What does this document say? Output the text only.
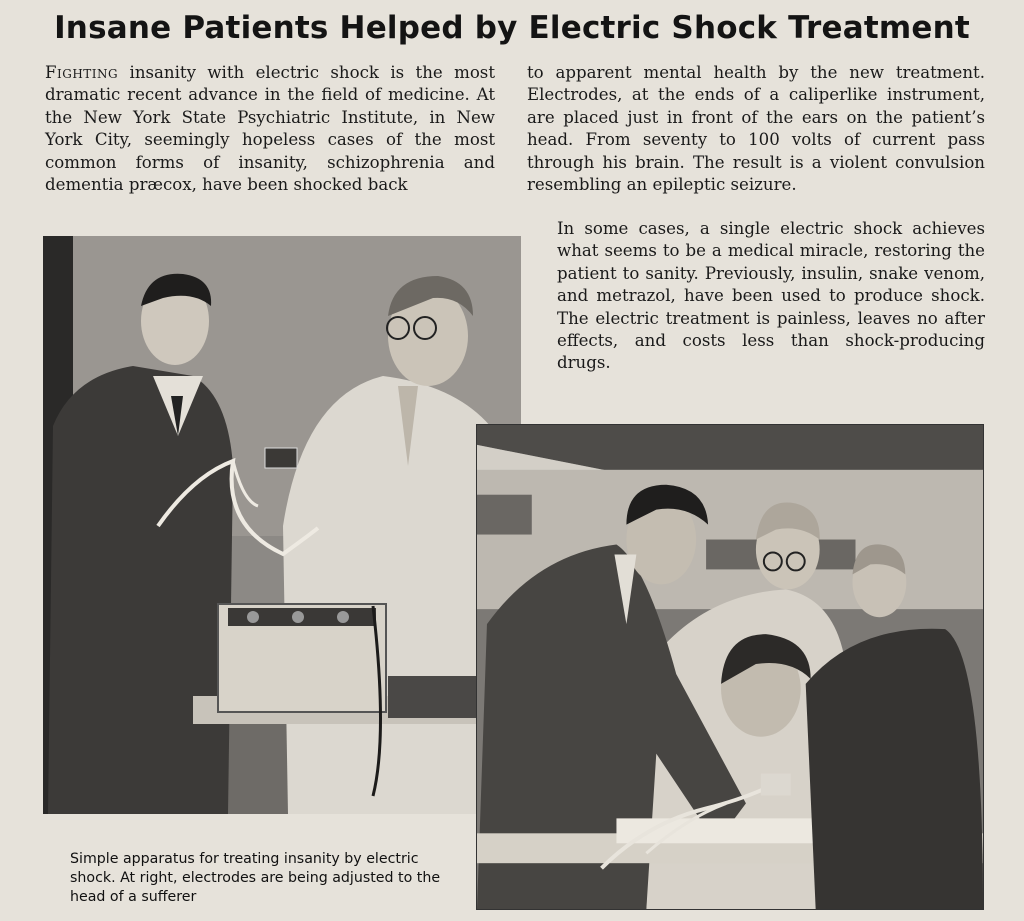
Insane Patients Helped by Electric Shock Treatment

Fighting insanity with electric shock is the most dramatic recent advance in the field of medicine. At the New York State Psychiatric Institute, in New York City, seemingly hopeless cases of the most common forms of insanity, schizophrenia and dementia præcox, have been shocked back

to apparent mental health by the new treatment. Electrodes, at the ends of a caliperlike instrument, are placed just in front of the ears on the patient’s head. From seventy to 100 volts of current pass through his brain. The result is a violent convulsion resembling an epileptic seizure.

In some cases, a single electric shock achieves what seems to be a medical miracle, restoring the patient to sanity. Previously, insulin, snake venom, and metrazol, have been used to produce shock. The electric treatment is painless, leaves no after effects, and costs less than shock-producing drugs.

Simple apparatus for treating insanity by electric shock. At right, electrodes are being adjusted to the head of a sufferer
